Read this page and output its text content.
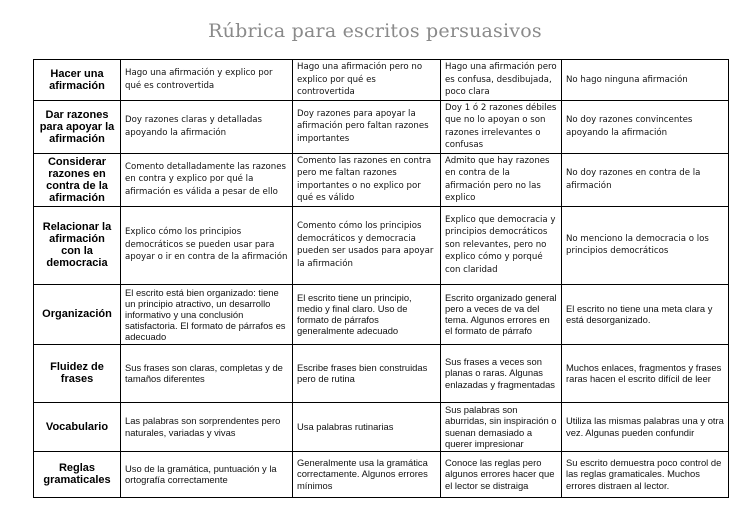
Rúbrica para escritos persuasivos
Hacer una afirmación	Hago una afirmación y explico por qué es controvertida	Hago una afirmación pero no explico por qué es controvertida	Hago una afirmación pero es confusa, desdibujada, poco clara	No hago ninguna afirmación
Dar razones para apoyar la afirmación	Doy razones claras y detalladas apoyando la afirmación	Doy razones para apoyar la afirmación pero faltan razones importantes	Doy 1 ó 2 razones débiles que no lo apoyan o son razones irrelevantes o confusas	No doy razones convincentes apoyando la afirmación
Considerar razones en contra de la afirmación	Comento detalladamente las razones en contra y explico por qué la afirmación es válida a pesar de ello	Comento las razones en contra pero me faltan razones importantes o no explico por qué es válido	Admito que hay razones en contra de la afirmación pero no las explico	No doy razones en contra de la afirmación
Relacionar la afirmación con la democracia	Explico cómo los principios democráticos se pueden usar para apoyar o ir en contra de la afirmación	Comento cómo los principios democráticos y democracia pueden ser usados para apoyar la afirmación	Explico que democracia y principios democráticos son relevantes, pero no explico cómo y porqué con claridad	No menciono la democracia o los principios democráticos
Organización	El escrito está bien organizado: tiene un principio atractivo, un desarrollo informativo y una conclusión satisfactoria. El formato de párrafos es adecuado	El escrito tiene un principio, medio y final claro. Uso de formato de párrafos generalmente adecuado	Escrito organizado general pero a veces de va del tema. Algunos errores en el formato de párrafo	El escrito no tiene una meta clara y está desorganizado.
Fluidez de frases	Sus frases son claras, completas y de tamaños diferentes	Escribe frases bien construidas pero de rutina	Sus frases a veces son planas o raras. Algunas enlazadas y fragmentadas	Muchos enlaces, fragmentos y frases raras hacen el escrito difícil de leer
Vocabulario	Las palabras son sorprendentes pero naturales, variadas y vivas	Usa palabras rutinarias	Sus palabras son aburridas, sin inspiración o suenan demasiado a querer impresionar	Utiliza las mismas palabras una y otra vez. Algunas pueden confundir
Reglas gramaticales	Uso de la gramática, puntuación y la ortografía correctamente	Generalmente usa la gramática correctamente. Algunos errores mínimos	Conoce las reglas pero algunos errores hacer que el lector se distraiga	Su escrito demuestra poco control de las reglas gramaticales. Muchos errores distraen al lector.
